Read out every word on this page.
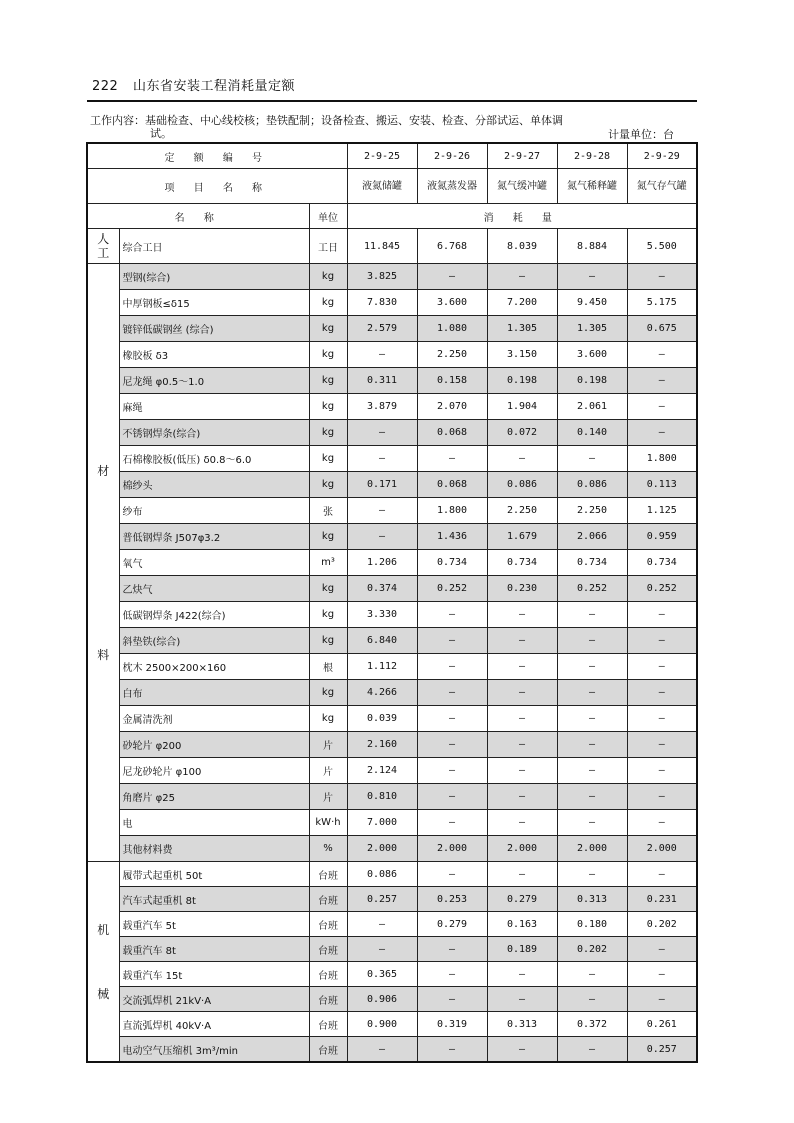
222 山东省安装工程消耗量定额
工作内容：基础检查、中心线校核；垫铁配制；设备检查、搬运、安装、检查、分部试运、单体调
试。	计量单位：台
定 额 编 号			2-9-25	2-9-26	2-9-27	2-9-28	2-9-29
项 目 名 称			液氮储罐	液氮蒸发器	氮气缓冲罐	氮气稀释罐	氮气存气罐
名 称		单位	消 耗 量				
人工	综合工日	工日	11.845	6.768	8.039	8.884	5.500
材料	型钢(综合)	kg	3.825	—	—	—	—
	中厚钢板≤δ15	kg	7.830	3.600	7.200	9.450	5.175
	镀锌低碳钢丝 (综合)	kg	2.579	1.080	1.305	1.305	0.675
	橡胶板 δ3	kg	—	2.250	3.150	3.600	—
	尼龙绳 φ0.5～1.0	kg	0.311	0.158	0.198	0.198	—
	麻绳	kg	3.879	2.070	1.904	2.061	—
	不锈钢焊条(综合)	kg	—	0.068	0.072	0.140	—
	石棉橡胶板(低压) δ0.8～6.0	kg	—	—	—	—	1.800
	棉纱头	kg	0.171	0.068	0.086	0.086	0.113
	纱布	张	—	1.800	2.250	2.250	1.125
	普低钢焊条 J507φ3.2	kg	—	1.436	1.679	2.066	0.959
	氧气	m³	1.206	0.734	0.734	0.734	0.734
	乙炔气	kg	0.374	0.252	0.230	0.252	0.252
	低碳钢焊条 J422(综合)	kg	3.330	—	—	—	—
	斜垫铁(综合)	kg	6.840	—	—	—	—
	枕木 2500×200×160	根	1.112	—	—	—	—
	白布	kg	4.266	—	—	—	—
	金属清洗剂	kg	0.039	—	—	—	—
	砂轮片 φ200	片	2.160	—	—	—	—
	尼龙砂轮片 φ100	片	2.124	—	—	—	—
	角磨片 φ25	片	0.810	—	—	—	—
	电	kW·h	7.000	—	—	—	—
	其他材料费	%	2.000	2.000	2.000	2.000	2.000
机械	履带式起重机 50t	台班	0.086	—	—	—	—
	汽车式起重机 8t	台班	0.257	0.253	0.279	0.313	0.231
	载重汽车 5t	台班	—	0.279	0.163	0.180	0.202
	载重汽车 8t	台班	—	—	0.189	0.202	—
	载重汽车 15t	台班	0.365	—	—	—	—
	交流弧焊机 21kV·A	台班	0.906	—	—	—	—
	直流弧焊机 40kV·A	台班	0.900	0.319	0.313	0.372	0.261
	电动空气压缩机 3m³/min	台班	—	—	—	—	0.257
